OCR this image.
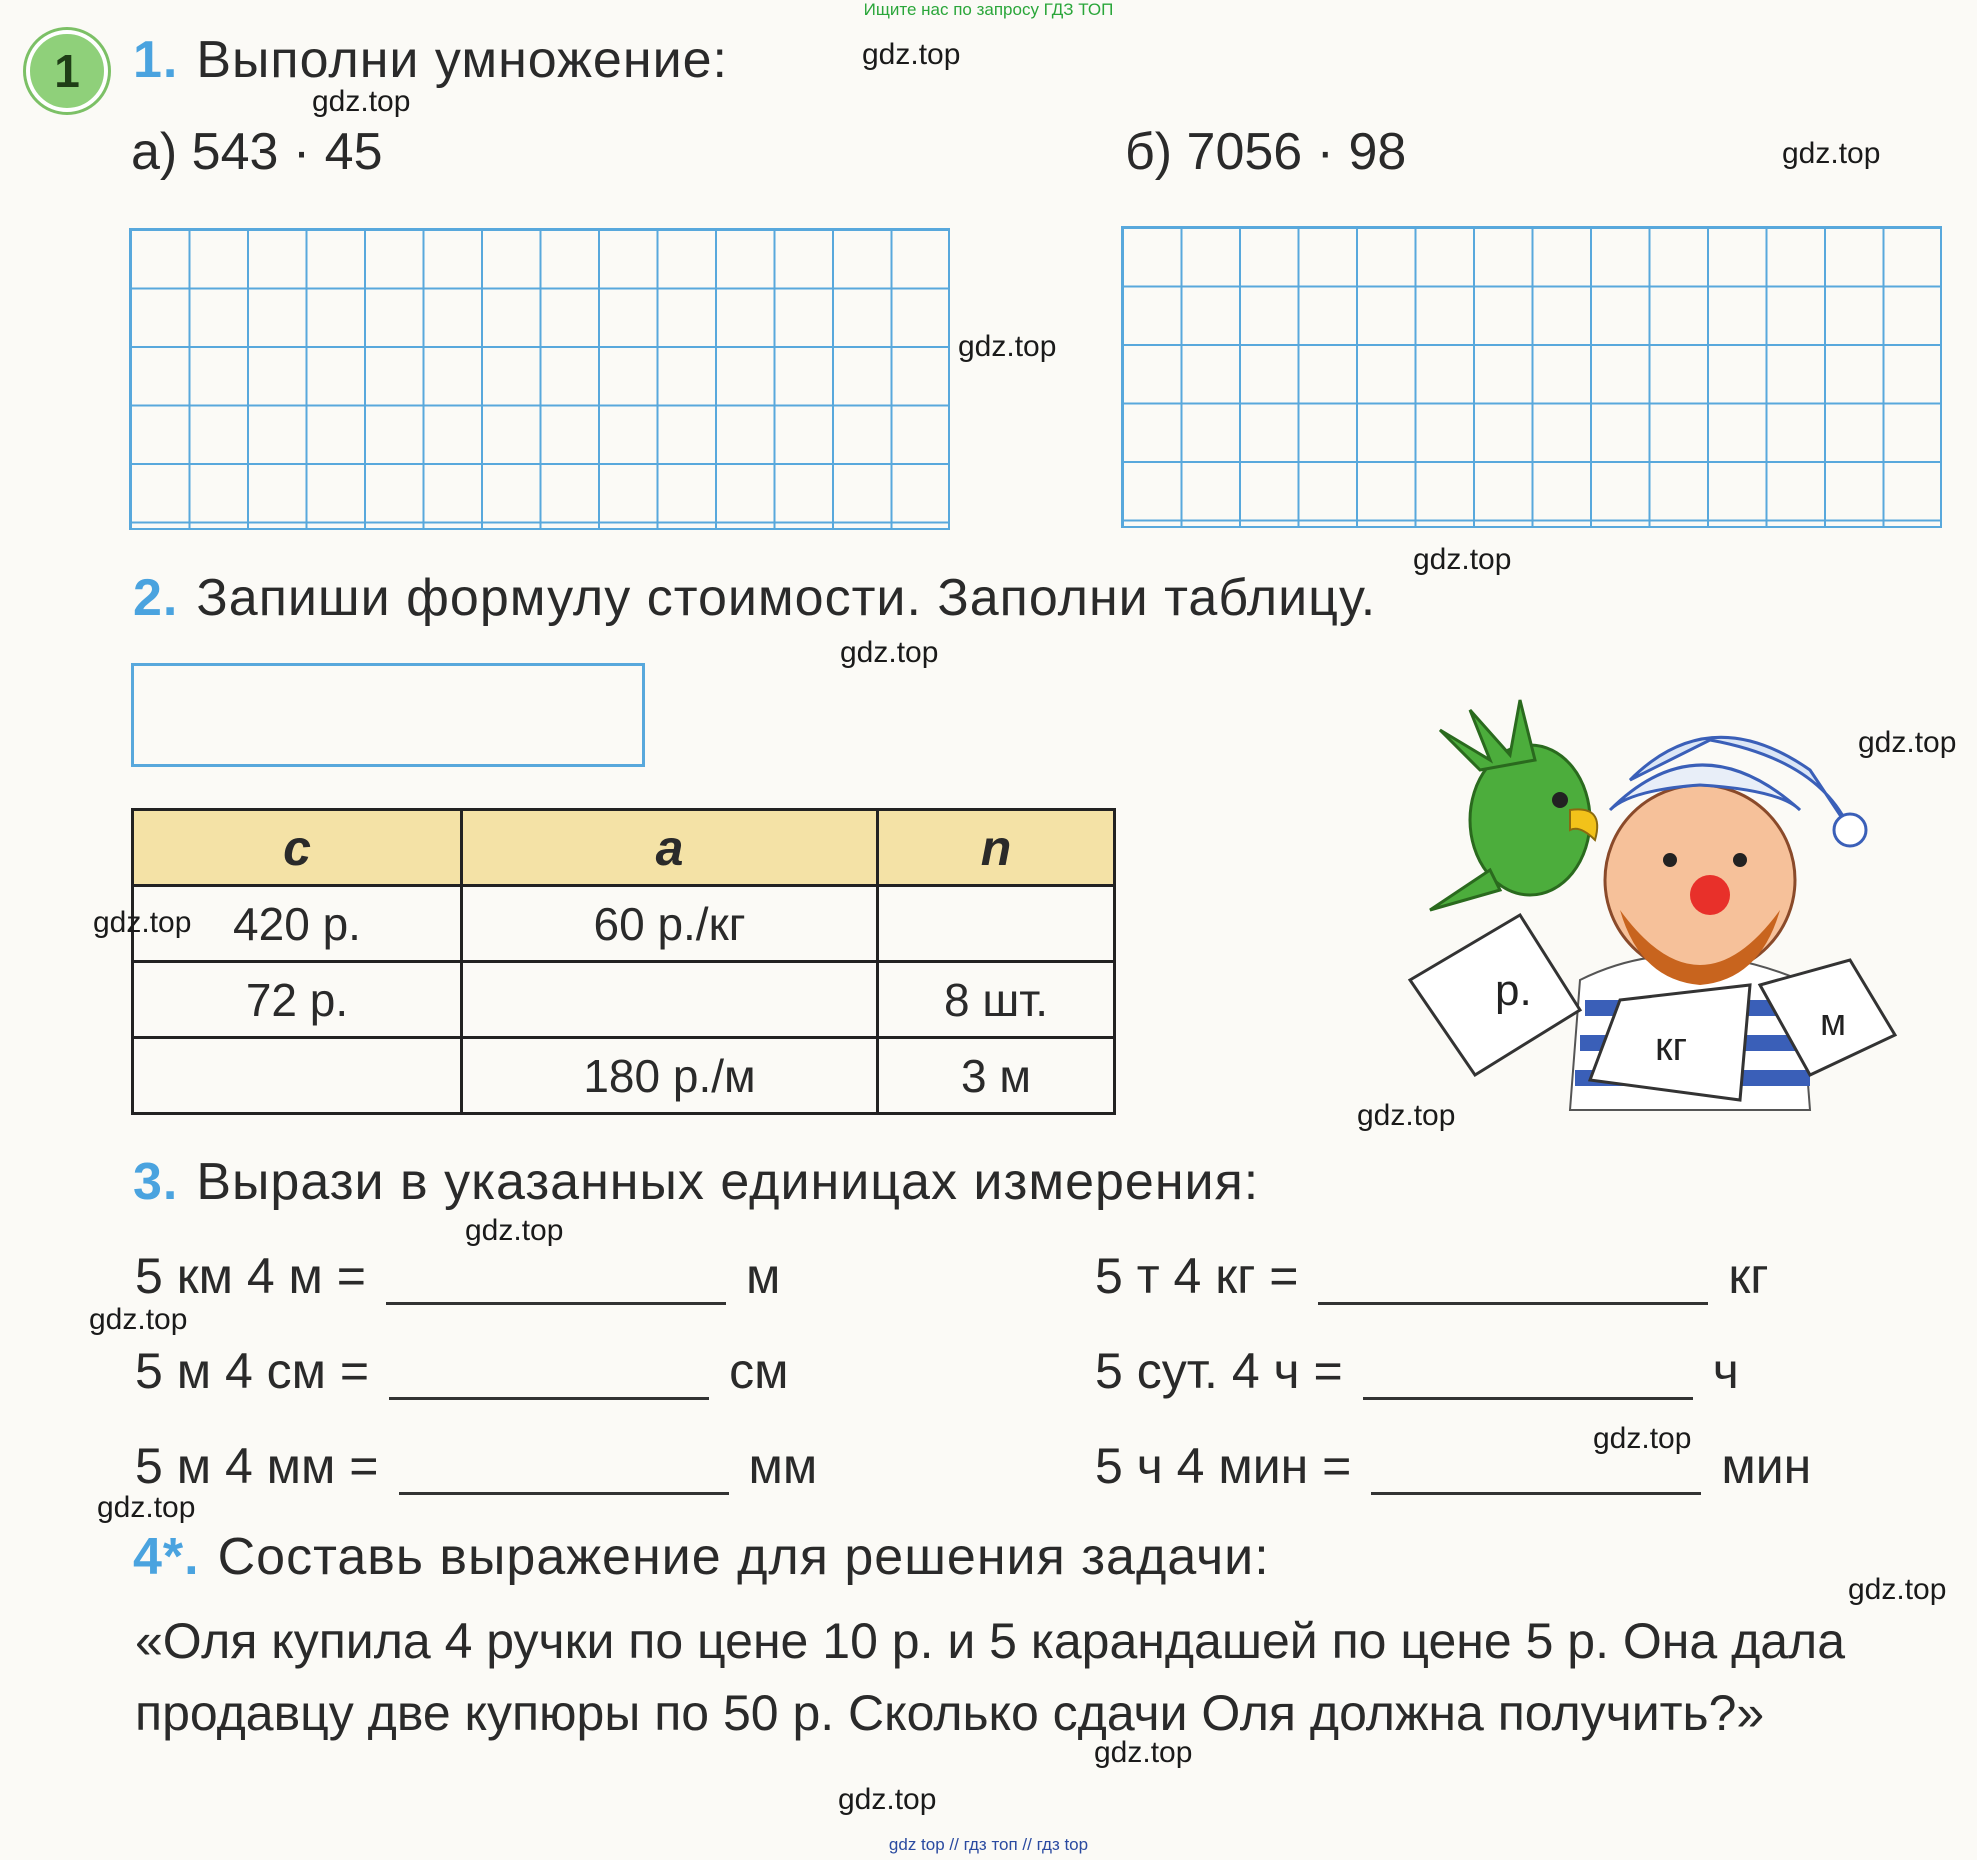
Ищите нас по запросу ГДЗ ТОП
1	1. Выполни умножение:
а) 543 · 45	б) 7056 · 98
2. Запиши формулу стоимости. Заполни таблицу.
c	a	n
420 р.	60 р./кг	
72 р.		8 шт.
	180 р./м	3 м
р.
кг
м
3. Вырази в указанных единицах измерения:
5 км 4 м =	м
5 м 4 см =	см
5 м 4 мм =	мм
5 т 4 кг =	кг
5 сут. 4 ч =	ч
5 ч 4 мин =	мин
4*. Составь выражение для решения задачи:
«Оля купила 4 ручки по цене 10 р. и 5 карандашей по цене 5 р. Она дала продавцу две купюры по 50 р. Сколько сдачи Оля должна получить?»
gdz.top
gdz.top
gdz.top
gdz.top
gdz.top
gdz.top
gdz.top
gdz.top
gdz.top
gdz.top
gdz.top
gdz.top
gdz.top
gdz.top
gdz.top
gdz.top
gdz top // гдз топ // гдз top
